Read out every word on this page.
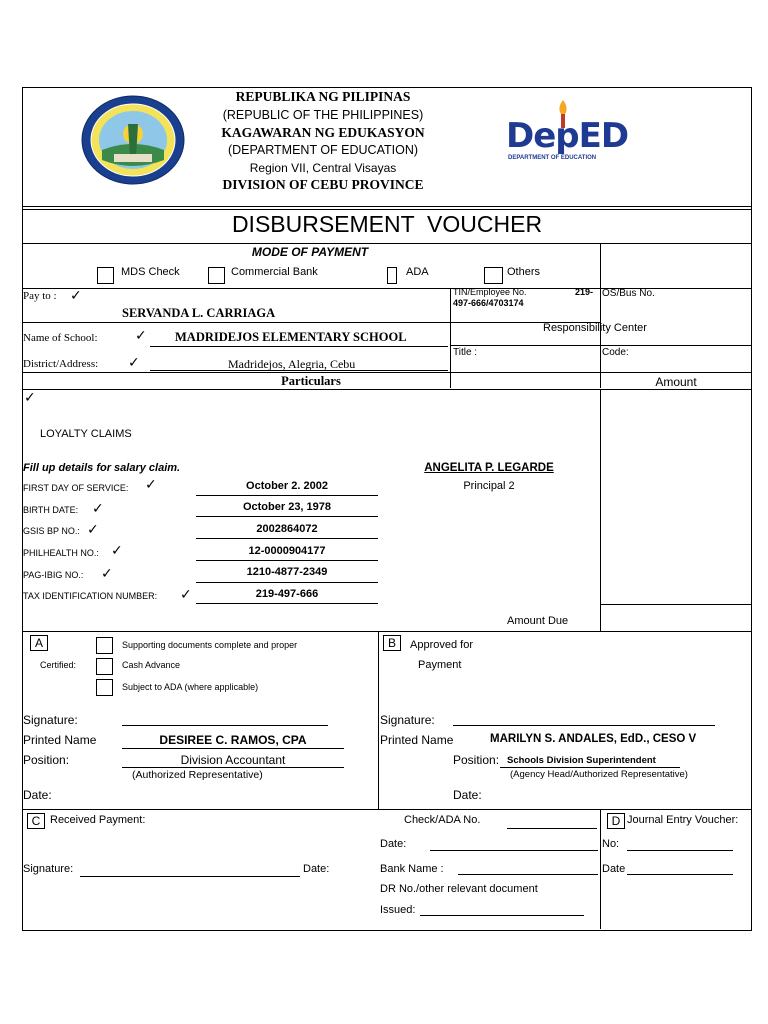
REPUBLIKA NG PILIPINAS
(REPUBLIC OF THE PHILIPPINES)
KAGAWARAN NG EDUKASYON
(DEPARTMENT OF EDUCATION)
Region VII, Central Visayas
DIVISION OF CEBU PROVINCE
DepED
DEPARTMENT OF EDUCATION
DISBURSEMENT  VOUCHER
MODE OF PAYMENT
MDS Check	Commercial Bank	ADA	Others
Pay to : ✓
SERVANDA L. CARRIAGA
TIN/Employee No.	219-
497-666/4703174
OS/Bus No.
Name of School:	✓ MADRIDEJOS ELEMENTARY SCHOOL
Responsibility Center
District/Address: ✓	Madridejos, Alegria, Cebu
Title :	Code:
Particulars	Amount
✓
LOYALTY CLAIMS
Fill up details for salary claim.	ANGELITA P. LEGARDE
Principal 2
FIRST DAY OF SERVICE: ✓	October 2. 2002
BIRTH DATE: ✓	October 23, 1978
GSIS BP NO.: ✓	2002864072
PHILHEALTH NO.: ✓	12-0000904177
PAG-IBIG NO.: ✓	1210-4877-2349
TAX IDENTIFICATION NUMBER: ✓	219-497-666
Amount Due
A
Certified:
Supporting documents complete and proper
Cash Advance
Subject to ADA (where applicable)
Signature:
Printed Name	DESIREE C. RAMOS, CPA
Position:	Division Accountant
(Authorized Representative)
Date:
B	Approved for
Payment
Signature:
Printed Name	MARILYN S. ANDALES, EdD., CESO V
Position: Schools Division Superintendent
(Agency Head/Authorized Representative)
Date:
C Received Payment:
Signature:	Date:
Check/ADA No.
Date:
Bank Name :
DR No./other relevant document
Issued:
D Journal Entry Voucher:
No:
Date
